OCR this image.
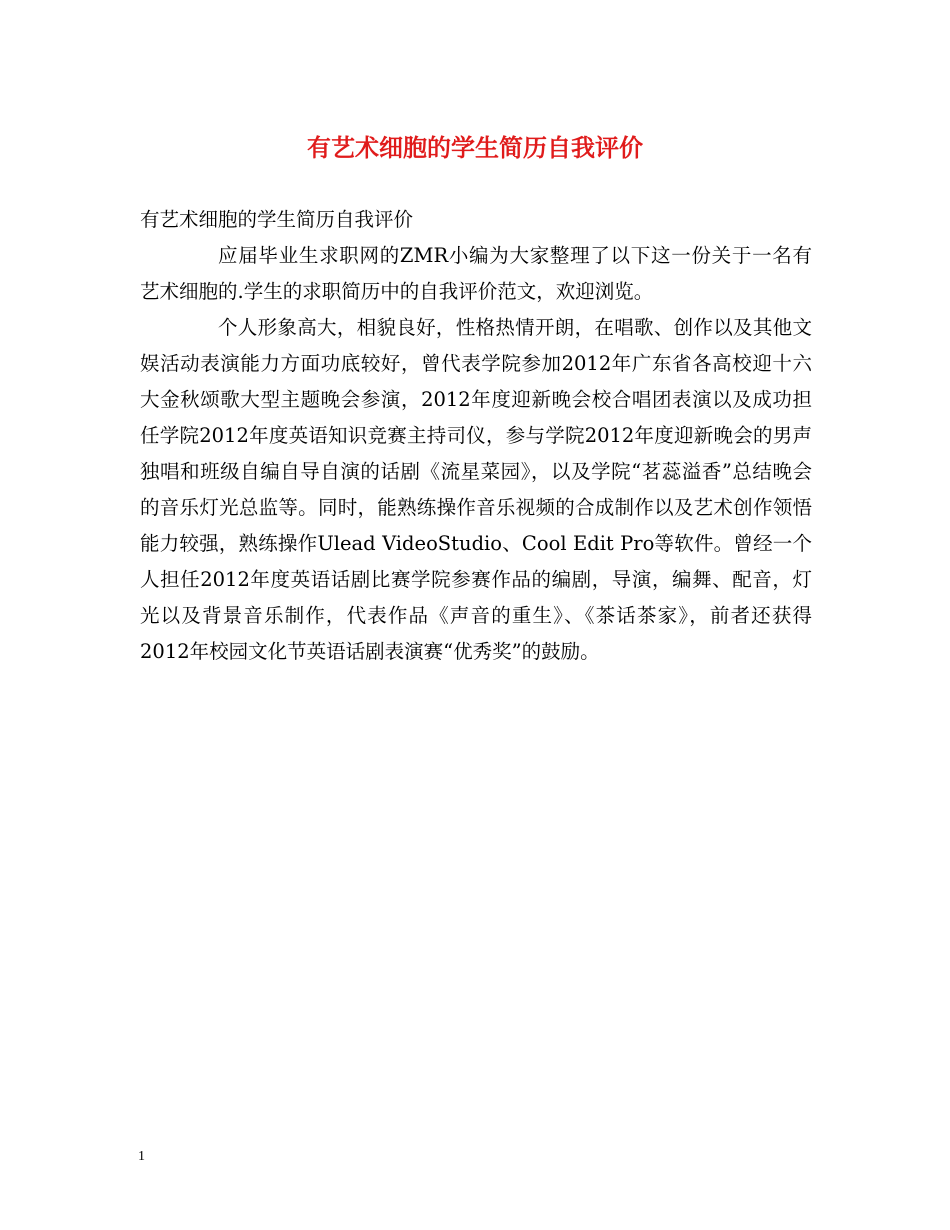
有艺术细胞的学生简历自我评价

有艺术细胞的学生简历自我评价

应届毕业生求职网的ZMR小编为大家整理了以下这一份关于一名有艺术细胞的.学生的求职简历中的自我评价范文，欢迎浏览。

个人形象高大，相貌良好，性格热情开朗，在唱歌、创作以及其他文娱活动表演能力方面功底较好，曾代表学院参加2012年广东省各高校迎十六大金秋颂歌大型主题晚会参演，2012年度迎新晚会校合唱团表演以及成功担任学院2012年度英语知识竞赛主持司仪，参与学院2012年度迎新晚会的男声独唱和班级自编自导自演的话剧《流星菜园》，以及学院“茗蕊溢香”总结晚会的音乐灯光总监等。同时，能熟练操作音乐视频的合成制作以及艺术创作领悟能力较强，熟练操作Ulead VideoStudio、Cool Edit Pro等软件。曾经一个人担任2012年度英语话剧比赛学院参赛作品的编剧，导演，编舞、配音，灯光以及背景音乐制作，代表作品《声音的重生》、《茶话茶家》，前者还获得2012年校园文化节英语话剧表演赛“优秀奖”的鼓励。

1
